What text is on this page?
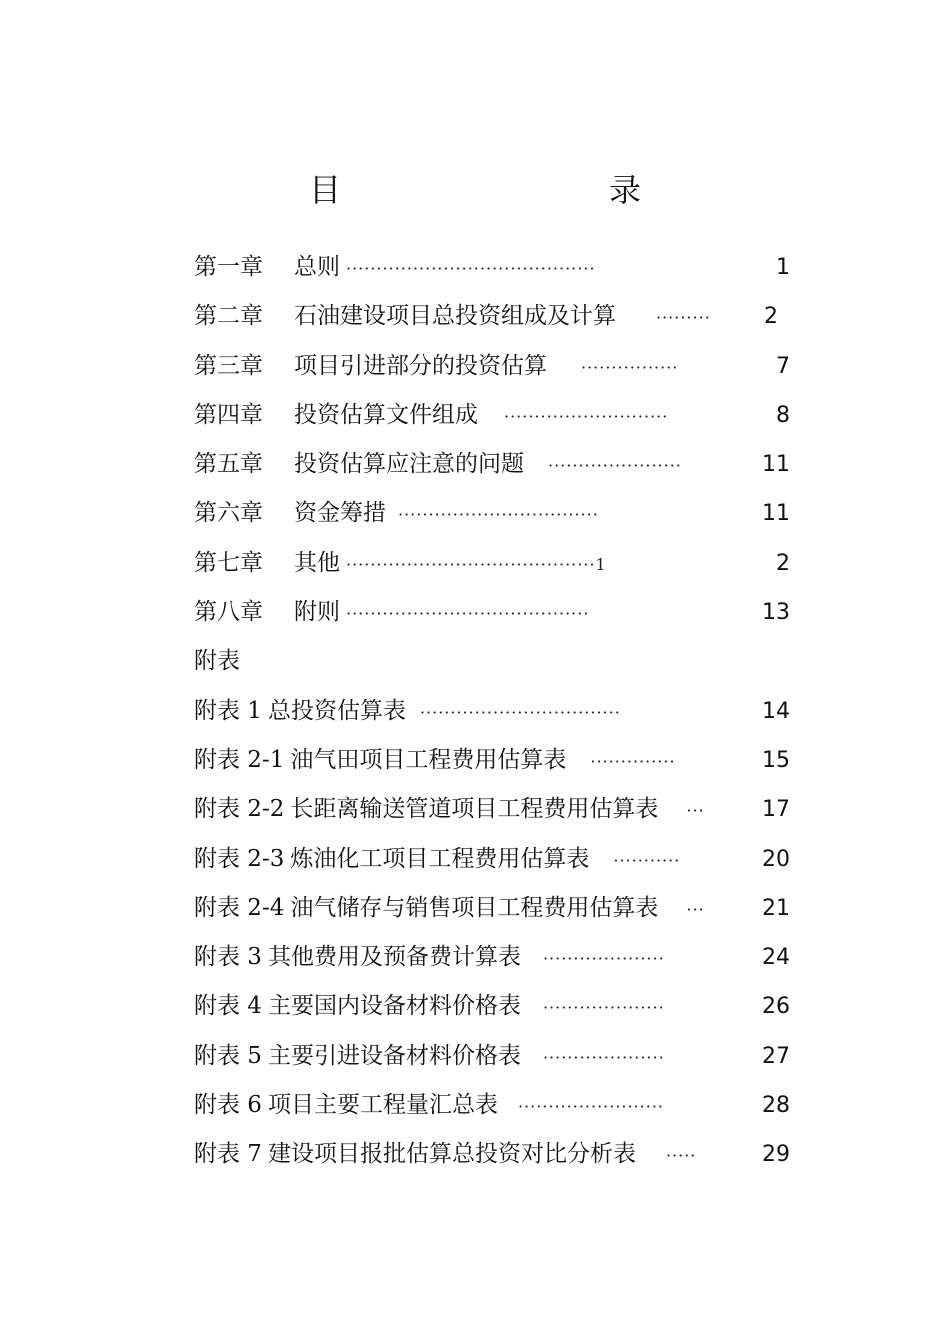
目　　录
第一章	总则 ·········································	1
第二章	石油建设项目总投资组成及计算	·········	2
第三章	项目引进部分的投资估算 ················	7
第四章	投资估算文件组成 ···························	8
第五章	投资估算应注意的问题 ······················	11
第六章	资金筹措 ·································	11
第七章	其他 ·········································1	2
第八章	附则 ········································	13
附表
附表 1 总投资估算表 ·································	14
附表 2-1 油气田项目工程费用估算表 ··············	15
附表 2-2 长距离输送管道项目工程费用估算表 ···	17
附表 2-3 炼油化工项目工程费用估算表 ···········	20
附表 2-4 油气储存与销售项目工程费用估算表 ···	21
附表 3 其他费用及预备费计算表 ····················	24
附表 4 主要国内设备材料价格表 ····················	26
附表 5 主要引进设备材料价格表 ····················	27
附表 6 项目主要工程量汇总表 ························	28
附表 7 建设项目报批估算总投资对比分析表 ·····	29
